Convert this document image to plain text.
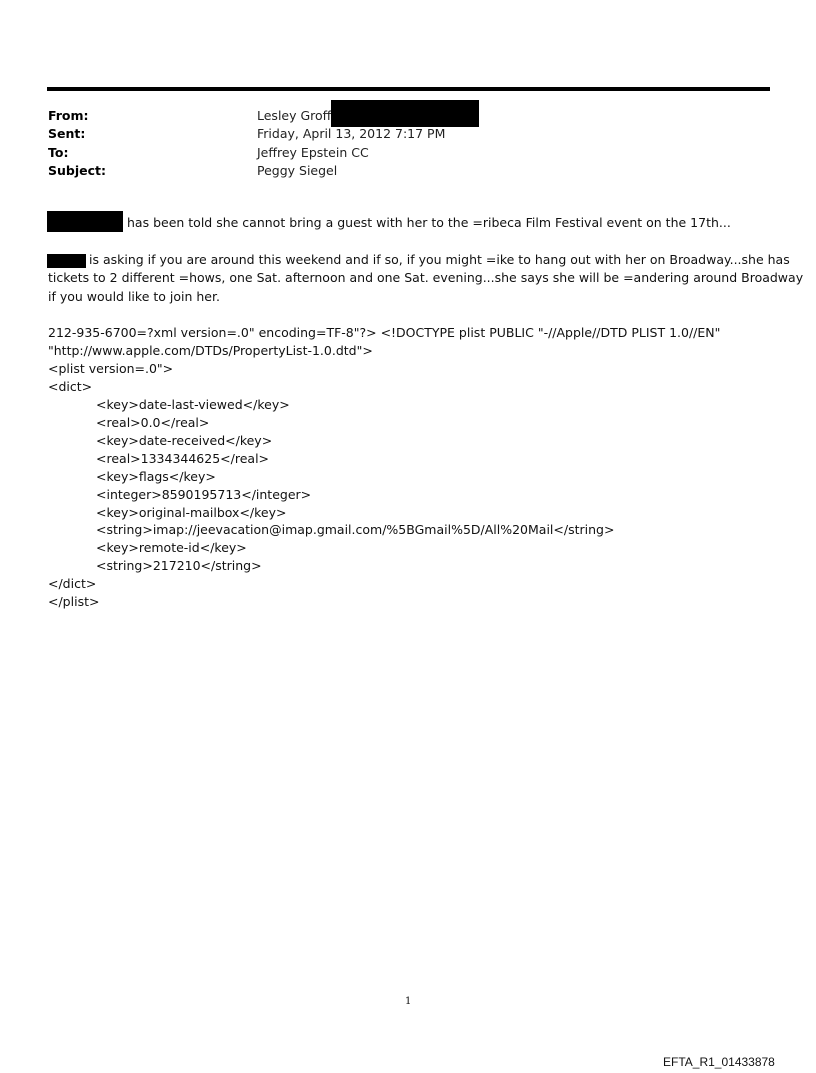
From:	Lesley Groff
Sent:	Friday, April 13, 2012 7:17 PM
To:	Jeffrey Epstein CC
Subject:	Peggy Siegel
has been told she cannot bring a guest with her to the =ribeca Film Festival event on the 17th...
is asking if you are around this weekend and if so, if you might =ike to hang out with her on Broadway...she has
tickets to 2 different =hows, one Sat. afternoon and one Sat. evening...she says she will be =andering around Broadway
if you would like to join her.
212-935-6700=?xml version=.0" encoding=TF-8"?> <!DOCTYPE plist PUBLIC "-//Apple//DTD PLIST 1.0//EN"
"http://www.apple.com/DTDs/PropertyList-1.0.dtd">
<plist version=.0">
<dict>
<key>date-last-viewed</key>
<real>0.0</real>
<key>date-received</key>
<real>1334344625</real>
<key>flags</key>
<integer>8590195713</integer>
<key>original-mailbox</key>
<string>imap://jeevacation@imap.gmail.com/%5BGmail%5D/All%20Mail</string>
<key>remote-id</key>
<string>217210</string>
</dict>
</plist>
1
EFTA_R1_01433878
